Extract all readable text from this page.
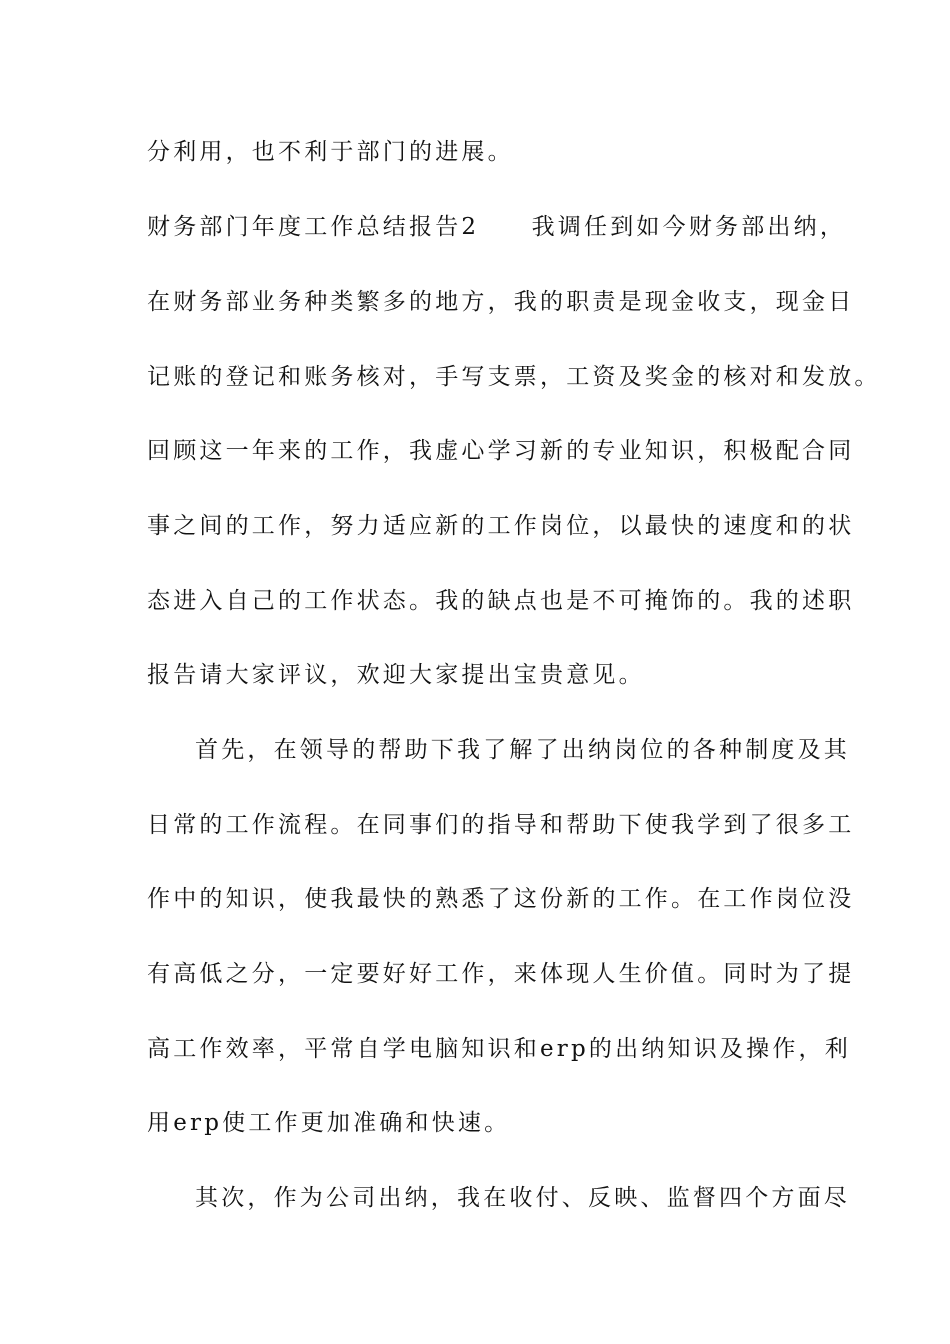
分利用，也不利于部门的进展。
财务部门年度工作总结报告2　　我调任到如今财务部出纳，
在财务部业务种类繁多的地方，我的职责是现金收支，现金日
记账的登记和账务核对，手写支票，工资及奖金的核对和发放。
回顾这一年来的工作，我虚心学习新的专业知识，积极配合同
事之间的工作，努力适应新的工作岗位，以最快的速度和的状
态进入自己的工作状态。我的缺点也是不可掩饰的。我的述职
报告请大家评议，欢迎大家提出宝贵意见。
首先，在领导的帮助下我了解了出纳岗位的各种制度及其
日常的工作流程。在同事们的指导和帮助下使我学到了很多工
作中的知识，使我最快的熟悉了这份新的工作。在工作岗位没
有高低之分，一定要好好工作，来体现人生价值。同时为了提
高工作效率，平常自学电脑知识和erp的出纳知识及操作，利
用erp使工作更加准确和快速。
其次，作为公司出纳，我在收付、反映、监督四个方面尽
